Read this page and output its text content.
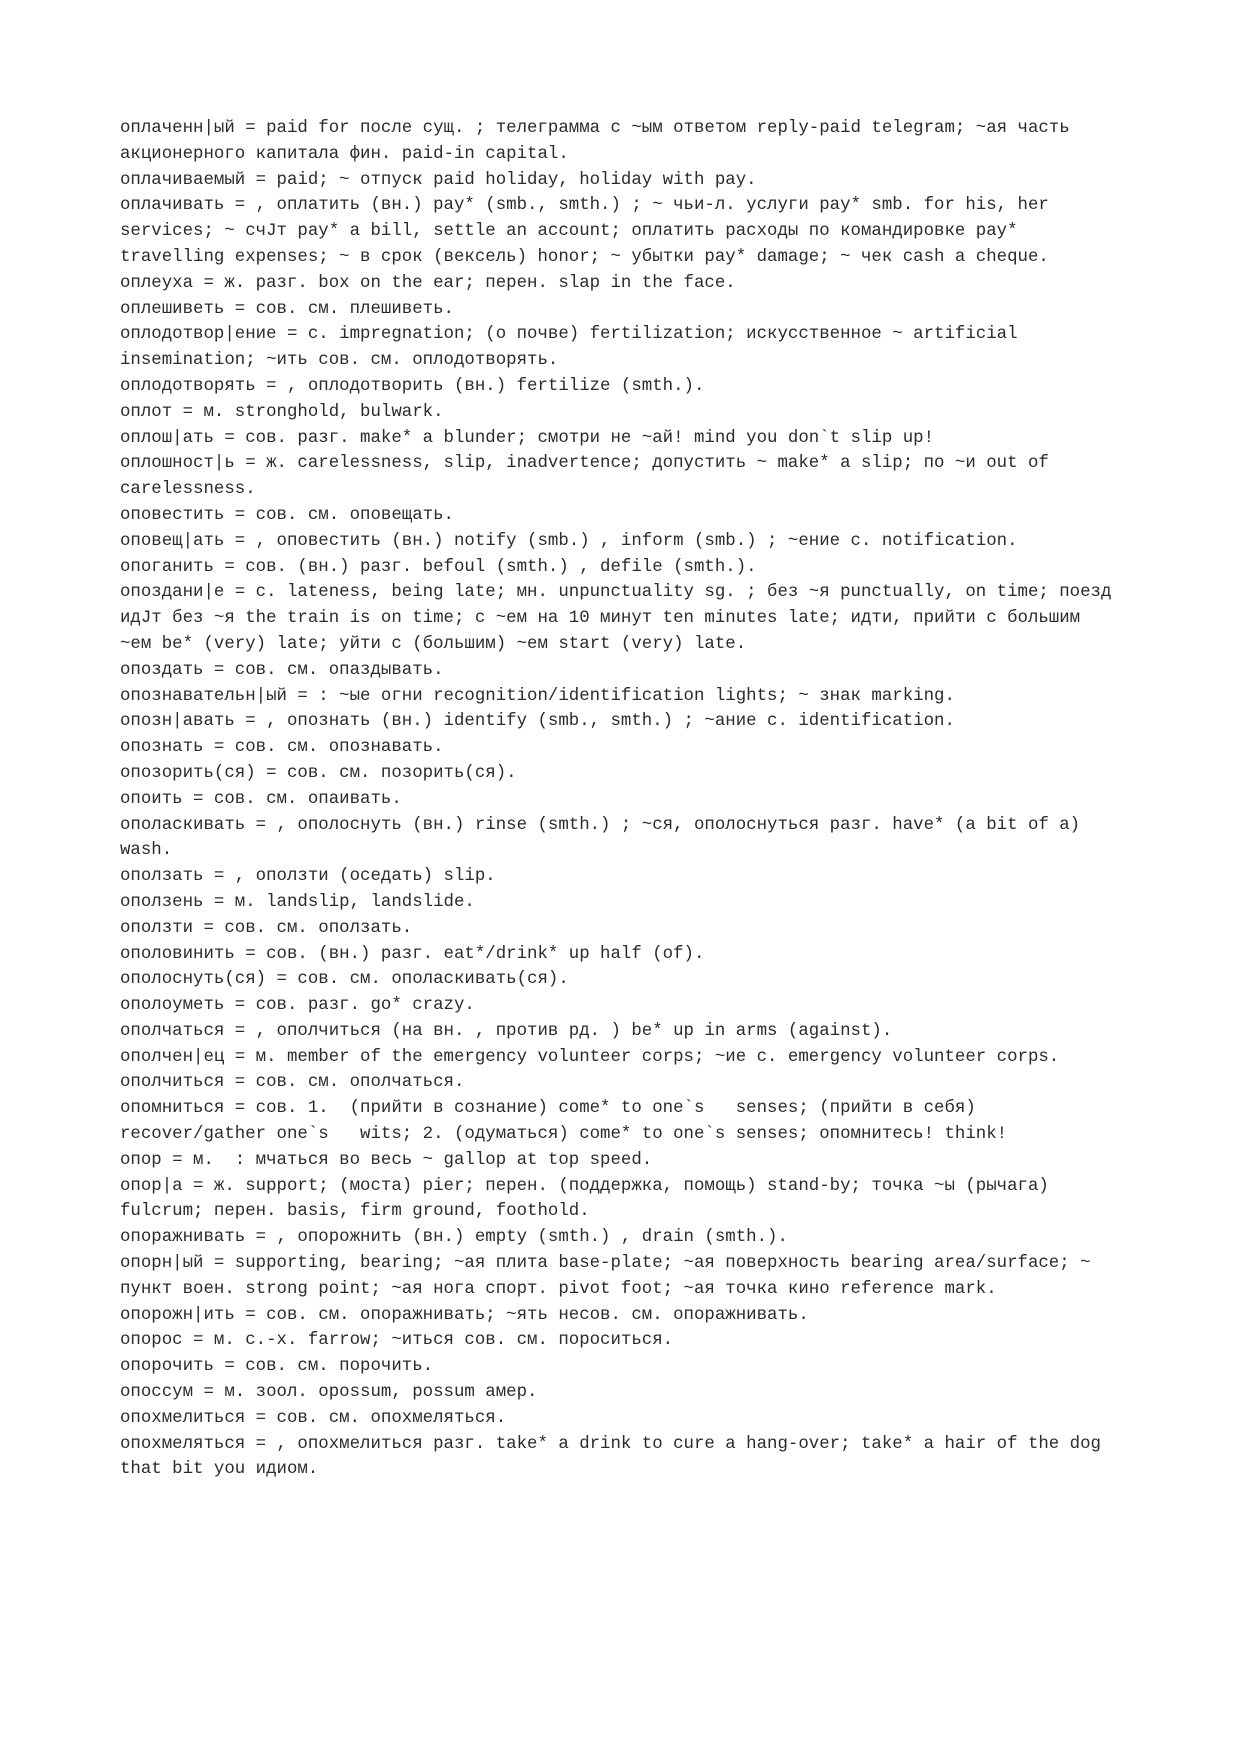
оплаченн|ый = paid for после сущ. ; телеграмма с ~ым ответом reply-paid telegram; ~ая часть акционерного капитала фин. paid-in capital.

оплачиваемый = paid; ~ отпуск paid holiday, holiday with pay.

оплачивать = , оплатить (вн.) pay* (smb., smth.) ; ~ чьи-л. услуги pay* smb. for his, her services; ~ счЈт pay* a bill, settle an account; оплатить расходы по командировке pay* travelling expenses; ~ в срок (вексель) honor; ~ убытки pay* damage; ~ чек cash a cheque.

оплеуха = ж. разг. box on the ear; перен. slap in the face.

оплешиветь = сов. см. плешиветь.

оплодотвор|ение = с. impregnation; (о почве) fertilization; искусственное ~ artificial insemination; ~ить сов. см. оплодотворять.

оплодотворять = , оплодотворить (вн.) fertilize (smth.).

оплот = м. stronghold, bulwark.

оплош|ать = сов. разг. make* a blunder; смотри не ~ай! mind you don`t slip up!

оплошност|ь = ж. carelessness, slip, inadvertence; допустить ~ make* a slip; по ~и out of carelessness.

оповестить = сов. см. оповещать.

оповещ|ать = , оповестить (вн.) notify (smb.) , inform (smb.) ; ~ение с. notification.

опоганить = сов. (вн.) разг. befoul (smth.) , defile (smth.).

опоздани|е = с. lateness, being late; мн. unpunctuality sg. ; без ~я punctually, on time; поезд идЈт без ~я the train is on time; с ~ем на 10 минут ten minutes late; идти, прийти с большим ~ем be* (very) late; уйти с (большим) ~ем start (very) late.

опоздать = сов. см. опаздывать.

опознавательн|ый = : ~ые огни recognition/identification lights; ~ знак marking.

опозн|авать = , опознать (вн.) identify (smb., smth.) ; ~ание с. identification.

опознать = сов. см. опознавать.

опозорить(ся) = сов. см. позорить(ся).

опоить = сов. см. опаивать.

ополаскивать = , ополоснуть (вн.) rinse (smth.) ; ~ся, ополоснуться разг. have* (a bit of a) wash.

оползать = , оползти (оседать) slip.

оползень = м. landslip, landslide.

оползти = сов. см. оползать.

ополовинить = сов. (вн.) разг. eat*/drink* up half (of).

ополоснуть(ся) = сов. см. ополаскивать(ся).

ополоуметь = сов. разг. go* crazy.

ополчаться = , ополчиться (на вн. , против рд. ) be* up in arms (against).

ополчен|ец = м. member of the emergency volunteer corps; ~ие с. emergency volunteer corps.

ополчиться = сов. см. ополчаться.

опомниться = сов. 1.  (прийти в сознание) come* to one`s   senses; (прийти в себя) recover/gather one`s   wits; 2. (одуматься) come* to one`s senses; опомнитесь! think!

опор = м.  : мчаться во весь ~ gallop at top speed.

опор|а = ж. support; (моста) pier; перен. (поддержка, помощь) stand-by; точка ~ы (рычага) fulcrum; перен. basis, firm ground, foothold.

опоражнивать = , опорожнить (вн.) empty (smth.) , drain (smth.).

опорн|ый = supporting, bearing; ~ая плита base-plate; ~ая поверхность bearing area/surface; ~ пункт воен. strong point; ~ая нога спорт. pivot foot; ~ая точка кино reference mark.

опорожн|ить = сов. см. опоражнивать; ~ять несов. см. опоражнивать.

опорос = м. с.-х. farrow; ~иться сов. см. пороситься.

опорочить = сов. см. порочить.

опоссум = м. зоол. opossum, possum амер.

опохмелиться = сов. см. опохмеляться.

опохмеляться = , опохмелиться разг. take* a drink to cure a hang-over; take* a hair of the dog that bit you идиом.
